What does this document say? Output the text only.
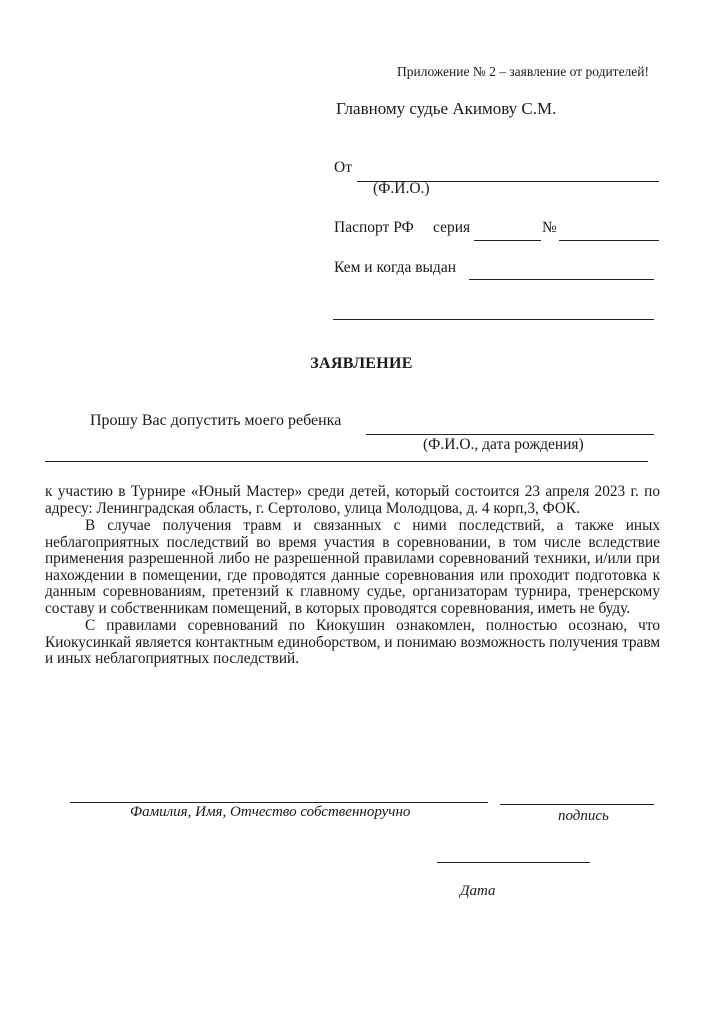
Приложение № 2 – заявление от родителей!
Главному судье Акимову С.М.
От
(Ф.И.О.)
Паспорт РФ серия	№
Кем и когда выдан
ЗАЯВЛЕНИЕ
Прошу Вас допустить моего ребенка
(Ф.И.О., дата рождения)

к участию в Турнире «Юный Мастер» среди детей, который состоится 23 апреля 2023 г. по адресу: Ленинградская область, г. Сертолово, улица Молодцова, д. 4 корп,3, ФОК.

В случае получения травм и связанных с ними последствий, а также иных неблагоприятных последствий во время участия в соревновании, в том числе вследствие применения разрешенной либо не разрешенной правилами соревнований техники, и/или при нахождении в помещении, где проводятся данные соревнования или проходит подготовка к данным соревнованиям, претензий к главному судье, организаторам турнира, тренерскому составу и собственникам помещений, в которых проводятся соревнования, иметь не буду.

С правилами соревнований по Киокушин ознакомлен, полностью осознаю, что Киокусинкай является контактным единоборством, и понимаю возможность получения травм и иных неблагоприятных последствий.

Фамилия, Имя, Отчество собственноручно	подпись
Дата
